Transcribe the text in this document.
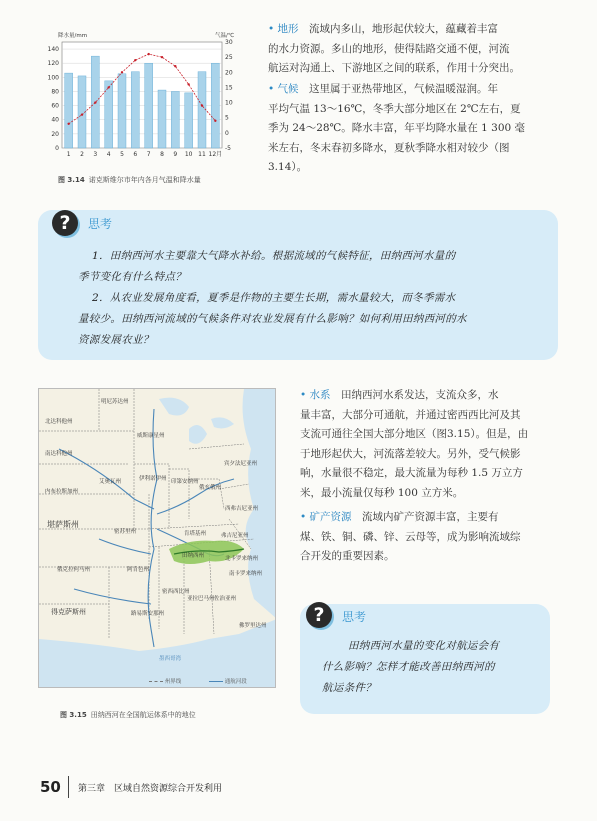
0
20
40
60
80
100
120
140
-5
0
5
10
15
20
25
30
降水量/mm	气温/℃
1 2 3 4 5 6 7 8 9 10 11 12月
图 3.14 诺克斯维尔市年内各月气温和降水量
• 地形　 流域内多山，地形起伏较大，蕴藏着丰富
的水力资源。多山的地形，使得陆路交通不便，河流
航运对沟通上、下游地区之间的联系，作用十分突出。
• 气候　 这里属于亚热带地区，气候温暖湿润。年
平均气温 13～16℃，冬季大部分地区在 2℃左右，夏
季为 24～28℃。降水丰富，年平均降水量在 1 300 毫
米左右，冬末春初多降水，夏秋季降水相对较少（图
3.14）。
?	思考
1．田纳西河水主要靠大气降水补给。根据流域的气候特征，田纳西河水量的
季节变化有什么特点？
2．从农业发展角度看，夏季是作物的主要生长期，需水量较大，而冬季需水
量较少。田纳西河流域的气候条件对农业发展有什么影响？如何利用田纳西河的水
资源发展农业？
明尼苏达州
威斯康星州
北达科他州
南达科他州
艾奥瓦州
内布拉斯加州
伊利诺伊州 印第安纳州
俄亥俄州
堪萨斯州
密苏里州	肯塔基州
田纳西州	北卡罗来纳州
南卡罗来纳州
俄克拉何马州	阿肯色州
密西西比州
亚拉巴马州 佐治亚州
得克萨斯州	路易斯安那州
墨西哥湾
宾夕法尼亚州
西弗吉尼亚州
弗吉尼亚州
佛罗里达州
州界线	通航河段
图 3.15 田纳西河在全国航运体系中的地位
• 水系　 田纳西河水系发达，支流众多，水
量丰富，大部分可通航，并通过密西西比河及其
支流可通往全国大部分地区（图3.15）。但是，由
于地形起伏大，河流落差较大。另外，受气候影
响，水量很不稳定，最大流量为每秒 1.5 万立方
米，最小流量仅每秒 100 立方米。
• 矿产资源　 流域内矿产资源丰富，主要有
煤、铁、铜、磷、锌、云母等，成为影响流域综
合开发的重要因素。
?	思考
田纳西河水量的变化对航运会有
什么影响？怎样才能改善田纳西河的
航运条件？
50 第三章　区域自然资源综合开发利用
